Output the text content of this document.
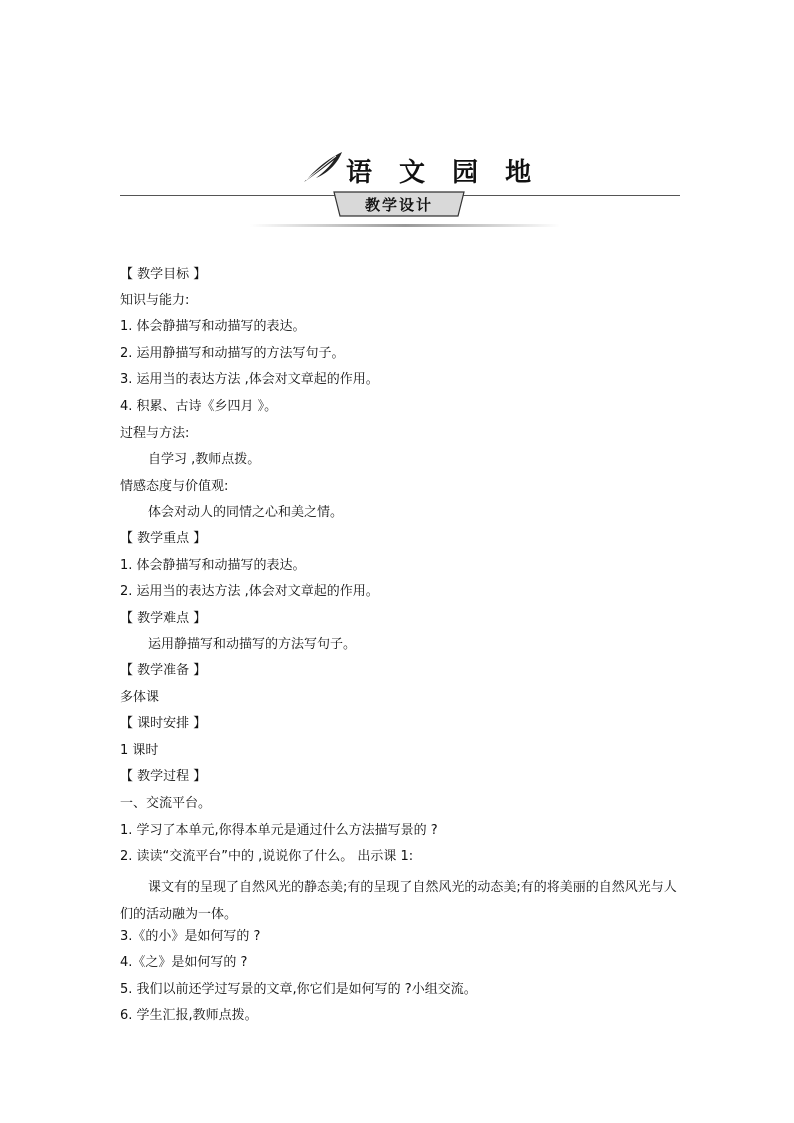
语 文 园 地
教学设计
【 教学目标 】
知识与能力:
1. 体会静描写和动描写的表达。
2. 运用静描写和动描写的方法写句子。
3. 运用当的表达方法 ,体会对文章起的作用。
4. 积累、古诗《乡四月 》。
过程与方法:
自学习 ,教师点拨。
情感态度与价值观:
体会对动人的同情之心和美之情。
【 教学重点 】
1. 体会静描写和动描写的表达。
2. 运用当的表达方法 ,体会对文章起的作用。
【 教学难点 】
运用静描写和动描写的方法写句子。
【 教学准备 】
多体课
【 课时安排 】
1 课时
【 教学过程 】
一、交流平台。
1. 学习了本单元,你得本单元是通过什么方法描写景的 ?
2. 读读“交流平台”中的 ,说说你了什么。 出示课 1:
课文有的呈现了自然风光的静态美;有的呈现了自然风光的动态美;有的将美丽的自然风光与人们的活动融为一体。
3.《的小》是如何写的 ?
4.《之》是如何写的 ?
5. 我们以前还学过写景的文章,你它们是如何写的 ?小组交流。
6. 学生汇报,教师点拨。
